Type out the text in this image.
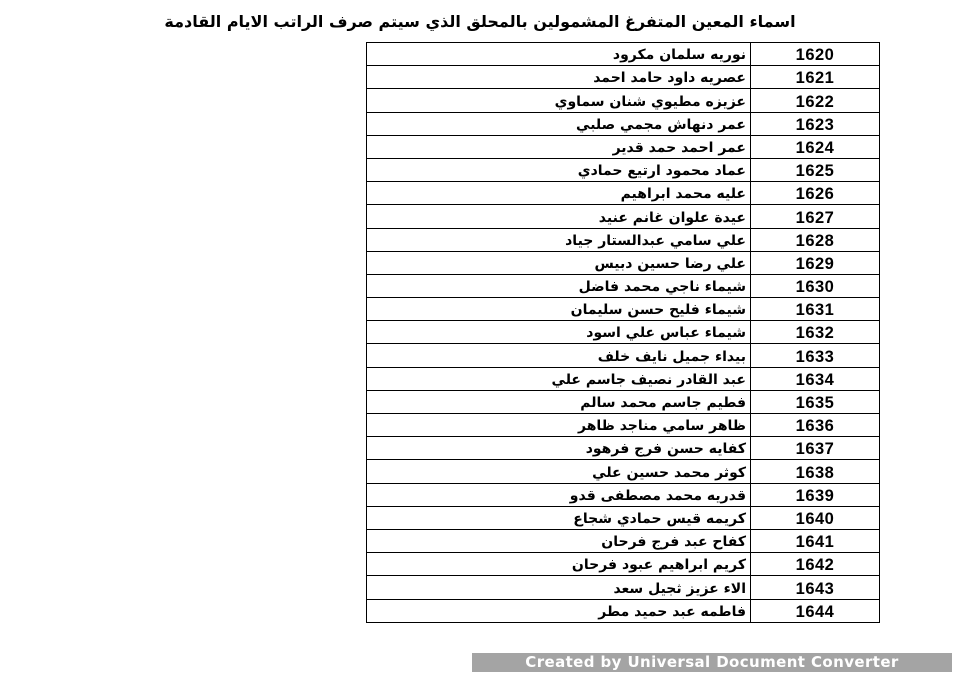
اسماء المعين المتفرغ المشمولين بالمحلق الذي سيتم صرف الراتب الايام القادمة
1620	نوريه سلمان مكرود
1621	عصريه داود حامد احمد
1622	عزيزه مطيوي شنان سماوي
1623	عمر دنهاش مجمي صلبي
1624	عمر احمد حمد قدير
1625	عماد محمود ارتيع حمادي
1626	عليه محمد ابراهيم
1627	عيدة علوان غانم عنيد
1628	علي سامي عبدالستار جياد
1629	علي رضا حسين دبيس
1630	شيماء ناجي محمد فاضل
1631	شيماء فليح حسن سليمان
1632	شيماء عباس علي اسود
1633	بيداء جميل نايف خلف
1634	عبد القادر نصيف جاسم علي
1635	فطيم جاسم محمد سالم
1636	ظاهر سامي مناجد ظاهر
1637	كفايه حسن فرج فرهود
1638	كوثر محمد حسين علي
1639	قدريه محمد مصطفى قدو
1640	كريمه قيس حمادي شجاع
1641	كفاح عبد فرج فرحان
1642	كريم ابراهيم عبود فرحان
1643	الاء عزيز ثجيل سعد
1644	فاطمه عبد حميد مطر
Created by Universal Document Converter
